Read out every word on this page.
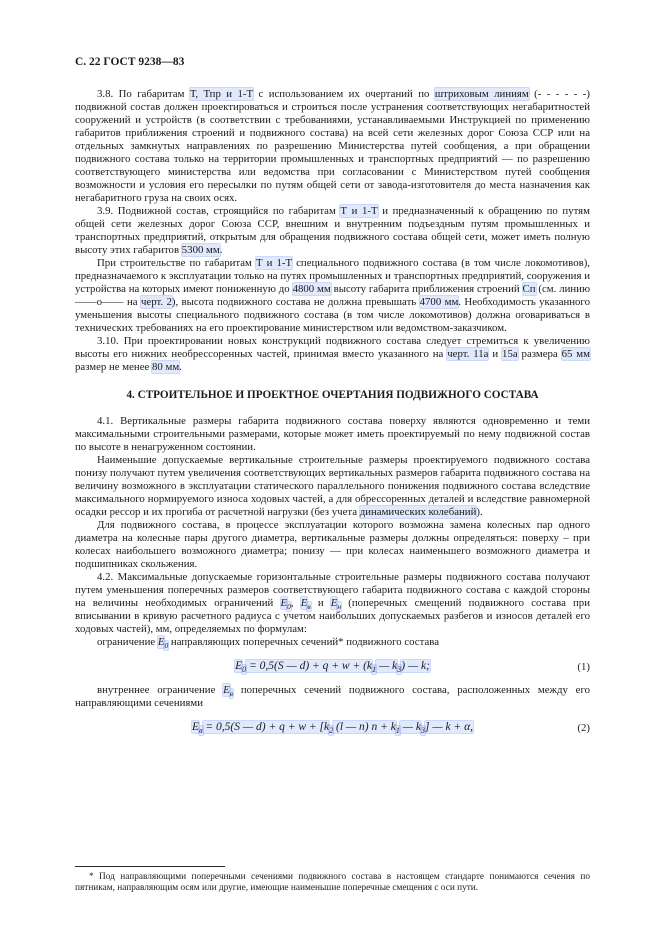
С. 22 ГОСТ 9238—83

3.8. По габаритам Т, Тпр и 1-Т с использованием их очертаний по штриховым линиям (- - - - - -) подвижной состав должен проектироваться и строиться после устранения соответствующих негабаритностей сооружений и устройств (в соответствии с требованиями, устанавливаемыми Инструкцией по применению габаритов приближения строений и подвижного состава) на всей сети железных дорог Союза ССР или на отдельных замкнутых направлениях по разрешению Министерства путей сообщения, а при обращении подвижного состава только на территории промышленных и транспортных предприятий — по разрешению соответствующего министерства или ведомства при согласовании с Министерством путей сообщения возможности и условия его пересылки по путям общей сети от завода-изготовителя до места назначения как негабаритного груза на своих осях.

3.9. Подвижной состав, строящийся по габаритам Т и 1-Т и предназначенный к обращению по путям общей сети железных дорог Союза ССР, внешним и внутренним подъездным путям промышленных и транспортных предприятий, открытым для обращения подвижного состава общей сети, может иметь полную высоту этих габаритов 5300 мм.

При строительстве по габаритам Т и 1-Т специального подвижного состава (в том числе локомотивов), предназначаемого к эксплуатации только на путях промышленных и транспортных предприятий, сооружения и устройства на которых имеют пониженную до 4800 мм высоту габарита приближения строений Сп (см. линию ——о—— на черт. 2), высота подвижного состава не должна превышать 4700 мм. Необходимость указанного уменьшения высоты специального подвижного состава (в том числе локомотивов) должна оговариваться в технических требованиях на его проектирование министерством или ведомством-заказчиком.

3.10. При проектировании новых конструкций подвижного состава следует стремиться к увеличению высоты его нижних необрессоренных частей, принимая вместо указанного на черт. 11а и 15а размера 65 мм размер не менее 80 мм.

4. СТРОИТЕЛЬНОЕ И ПРОЕКТНОЕ ОЧЕРТАНИЯ ПОДВИЖНОГО СОСТАВА

4.1. Вертикальные размеры габарита подвижного состава поверху являются одновременно и теми максимальными строительными размерами, которые может иметь проектируемый по нему подвижной состав по высоте в ненагруженном состоянии.

Наименьшие допускаемые вертикальные строительные размеры проектируемого подвижного состава понизу получают путем увеличения соответствующих вертикальных размеров габарита подвижного состава на величину возможного в эксплуатации статического параллельного понижения подвижного состава вследствие максимального нормируемого износа ходовых частей, а для обрессоренных деталей и вследствие равномерной осадки рессор и их прогиба от расчетной нагрузки (без учета динамических колебаний).

Для подвижного состава, в процессе эксплуатации которого возможна замена колесных пар одного диаметра на колесные пары другого диаметра, вертикальные размеры должны определяться: поверху – при колесах наибольшего возможного диаметра; понизу — при колесах наименьшего возможного диаметра и подшипниках скольжения.

4.2. Максимальные допускаемые горизонтальные строительные размеры подвижного состава получают путем уменьшения поперечных размеров соответствующего габарита подвижного состава с каждой стороны на величины необходимых ограничений $E_0$, $E_в$ и $E_н$ (поперечных смещений подвижного состава при вписывании в кривую расчетного радиуса с учетом наибольших допускаемых разбегов и износов деталей его ходовых частей), мм, определяемых по формулам:

ограничение $E_0$ направляющих поперечных сечений* подвижного состава

$E_0 = 0,5(S$ — $d) + q + w + (k_1$ — $k_3$) — k;	(1)

внутреннее ограничение $E_в$ поперечных сечений подвижного состава, расположенных между его направляющими сечениями

$E_в = 0,5(S$ — $d) + q + w + [k_2$ (l — n) $n + k_1$ — $k_3$] — k + α,	(2)

* Под направляющими поперечными сечениями подвижного состава в настоящем стандарте понимаются сечения по пятникам, направляющим осям или другие, имеющие наименьшие поперечные смещения с оси пути.
